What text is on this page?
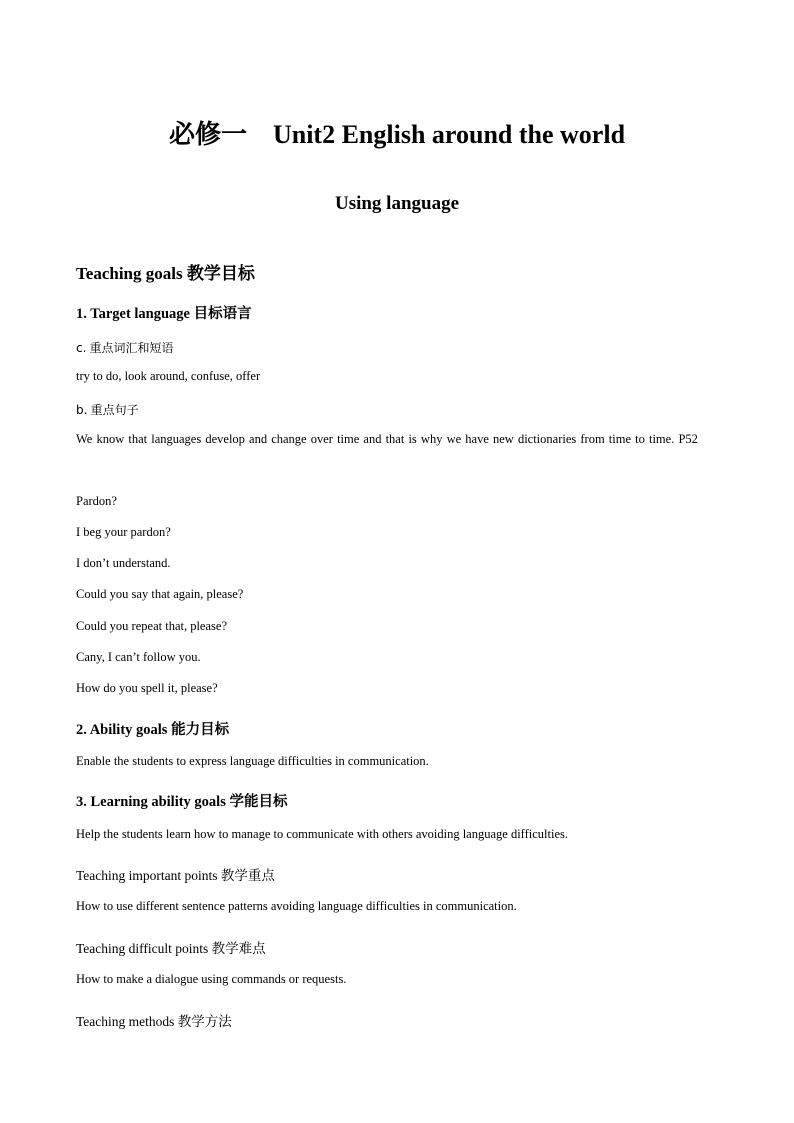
必修一　Unit2 English around the world
Using language
Teaching goals 教学目标
1. Target language 目标语言
c. 重点词汇和短语
try to do, look around, confuse, offer
b. 重点句子
We know that languages develop and change over time and that is why we have new dictionaries from time to time. P52
Pardon?
I beg your pardon?
I don’t understand.
Could you say that again, please?
Could you repeat that, please?
Cany, I can’t follow you.
How do you spell it, please?
2. Ability goals 能力目标
Enable the students to express language difficulties in communication.
3. Learning ability goals 学能目标
Help the students learn how to manage to communicate with others avoiding language difficulties.
Teaching important points 教学重点
How to use different sentence patterns avoiding language difficulties in communication.
Teaching difficult points 教学难点
How to make a dialogue using commands or requests.
Teaching methods 教学方法
